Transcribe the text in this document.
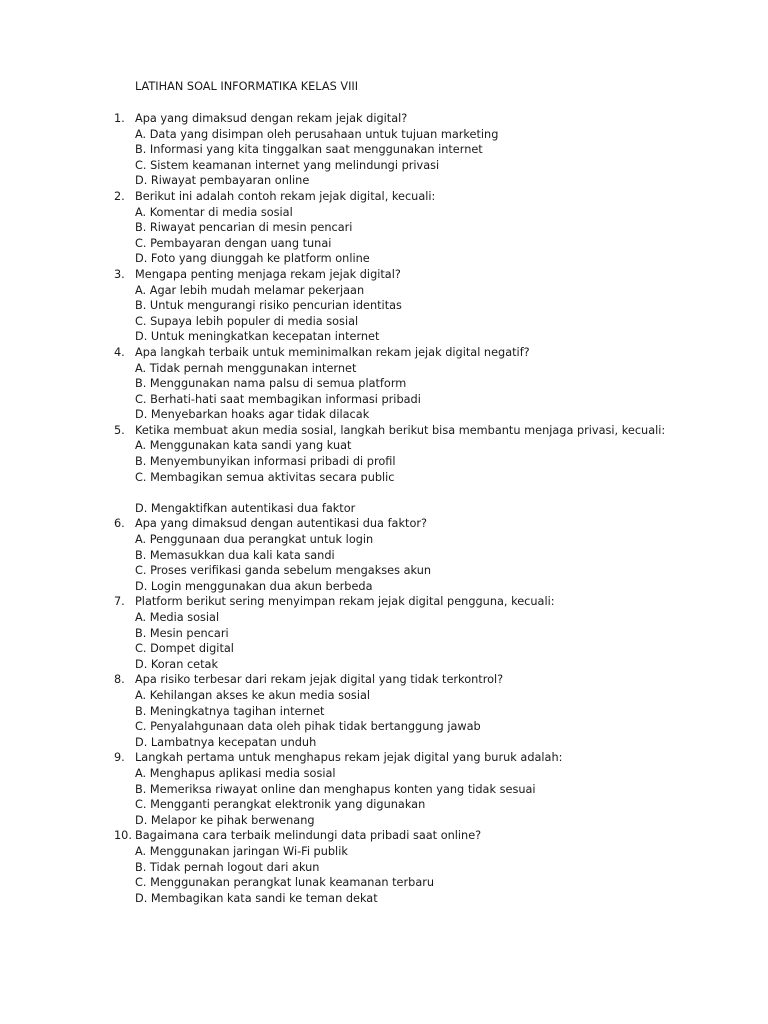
LATIHAN SOAL INFORMATIKA KELAS VIII
1. Apa yang dimaksud dengan rekam jejak digital?
A. Data yang disimpan oleh perusahaan untuk tujuan marketing
B. Informasi yang kita tinggalkan saat menggunakan internet
C. Sistem keamanan internet yang melindungi privasi
D. Riwayat pembayaran online
2. Berikut ini adalah contoh rekam jejak digital, kecuali:
A. Komentar di media sosial
B. Riwayat pencarian di mesin pencari
C. Pembayaran dengan uang tunai
D. Foto yang diunggah ke platform online
3. Mengapa penting menjaga rekam jejak digital?
A. Agar lebih mudah melamar pekerjaan
B. Untuk mengurangi risiko pencurian identitas
C. Supaya lebih populer di media sosial
D. Untuk meningkatkan kecepatan internet
4. Apa langkah terbaik untuk meminimalkan rekam jejak digital negatif?
A. Tidak pernah menggunakan internet
B. Menggunakan nama palsu di semua platform
C. Berhati-hati saat membagikan informasi pribadi
D. Menyebarkan hoaks agar tidak dilacak
5. Ketika membuat akun media sosial, langkah berikut bisa membantu menjaga privasi, kecuali:
A. Menggunakan kata sandi yang kuat
B. Menyembunyikan informasi pribadi di profil
C. Membagikan semua aktivitas secara public
D. Mengaktifkan autentikasi dua faktor
6. Apa yang dimaksud dengan autentikasi dua faktor?
A. Penggunaan dua perangkat untuk login
B. Memasukkan dua kali kata sandi
C. Proses verifikasi ganda sebelum mengakses akun
D. Login menggunakan dua akun berbeda
7. Platform berikut sering menyimpan rekam jejak digital pengguna, kecuali:
A. Media sosial
B. Mesin pencari
C. Dompet digital
D. Koran cetak
8. Apa risiko terbesar dari rekam jejak digital yang tidak terkontrol?
A. Kehilangan akses ke akun media sosial
B. Meningkatnya tagihan internet
C. Penyalahgunaan data oleh pihak tidak bertanggung jawab
D. Lambatnya kecepatan unduh
9. Langkah pertama untuk menghapus rekam jejak digital yang buruk adalah:
A. Menghapus aplikasi media sosial
B. Memeriksa riwayat online dan menghapus konten yang tidak sesuai
C. Mengganti perangkat elektronik yang digunakan
D. Melapor ke pihak berwenang
10. Bagaimana cara terbaik melindungi data pribadi saat online?
A. Menggunakan jaringan Wi-Fi publik
B. Tidak pernah logout dari akun
C. Menggunakan perangkat lunak keamanan terbaru
D. Membagikan kata sandi ke teman dekat
